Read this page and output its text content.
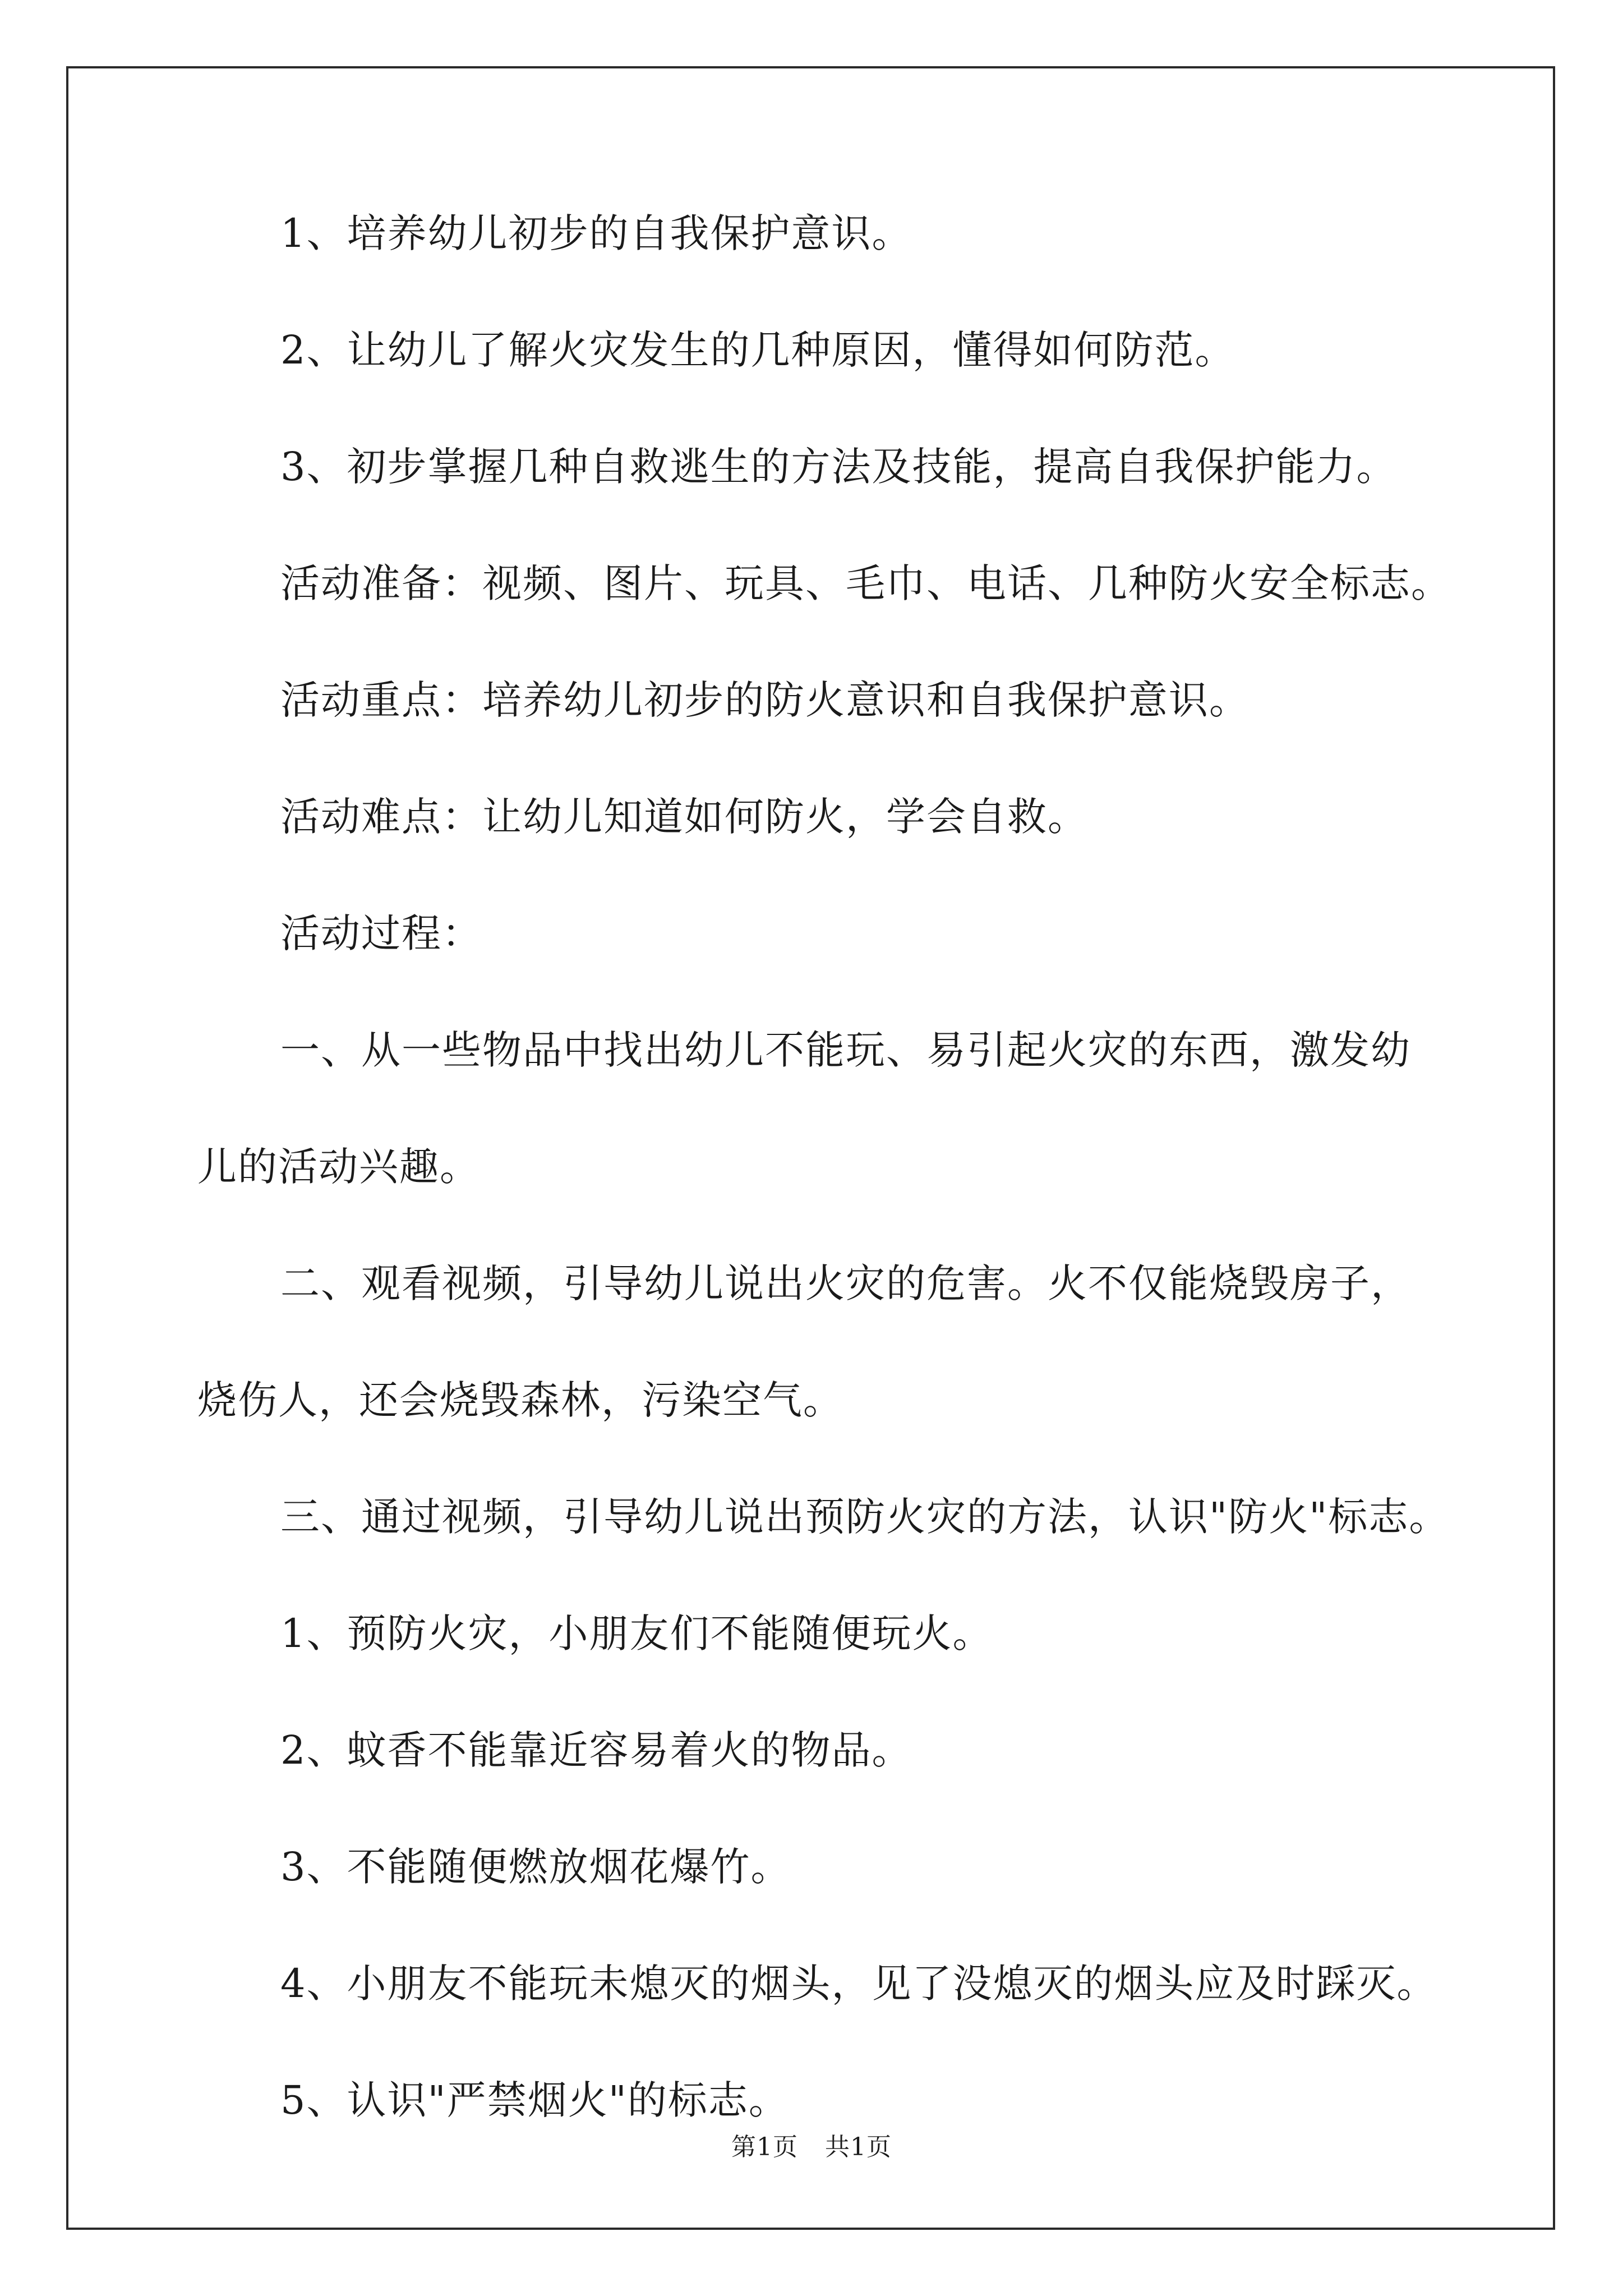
1、培养幼儿初步的自我保护意识。
2、让幼儿了解火灾发生的几种原因，懂得如何防范。
3、初步掌握几种自救逃生的方法及技能，提高自我保护能力。
活动准备：视频、图片、玩具、毛巾、电话、几种防火安全标志。
活动重点：培养幼儿初步的防火意识和自我保护意识。
活动难点：让幼儿知道如何防火，学会自救。
活动过程：
一、从一些物品中找出幼儿不能玩、易引起火灾的东西，激发幼
儿的活动兴趣。
二、观看视频，引导幼儿说出火灾的危害。火不仅能烧毁房子，
烧伤人，还会烧毁森林，污染空气。
三、通过视频，引导幼儿说出预防火灾的方法，认识"防火"标志。
1、预防火灾，小朋友们不能随便玩火。
2、蚊香不能靠近容易着火的物品。
3、不能随便燃放烟花爆竹。
4、小朋友不能玩未熄灭的烟头，见了没熄灭的烟头应及时踩灭。
5、认识"严禁烟火"的标志。
第1页 共1页
